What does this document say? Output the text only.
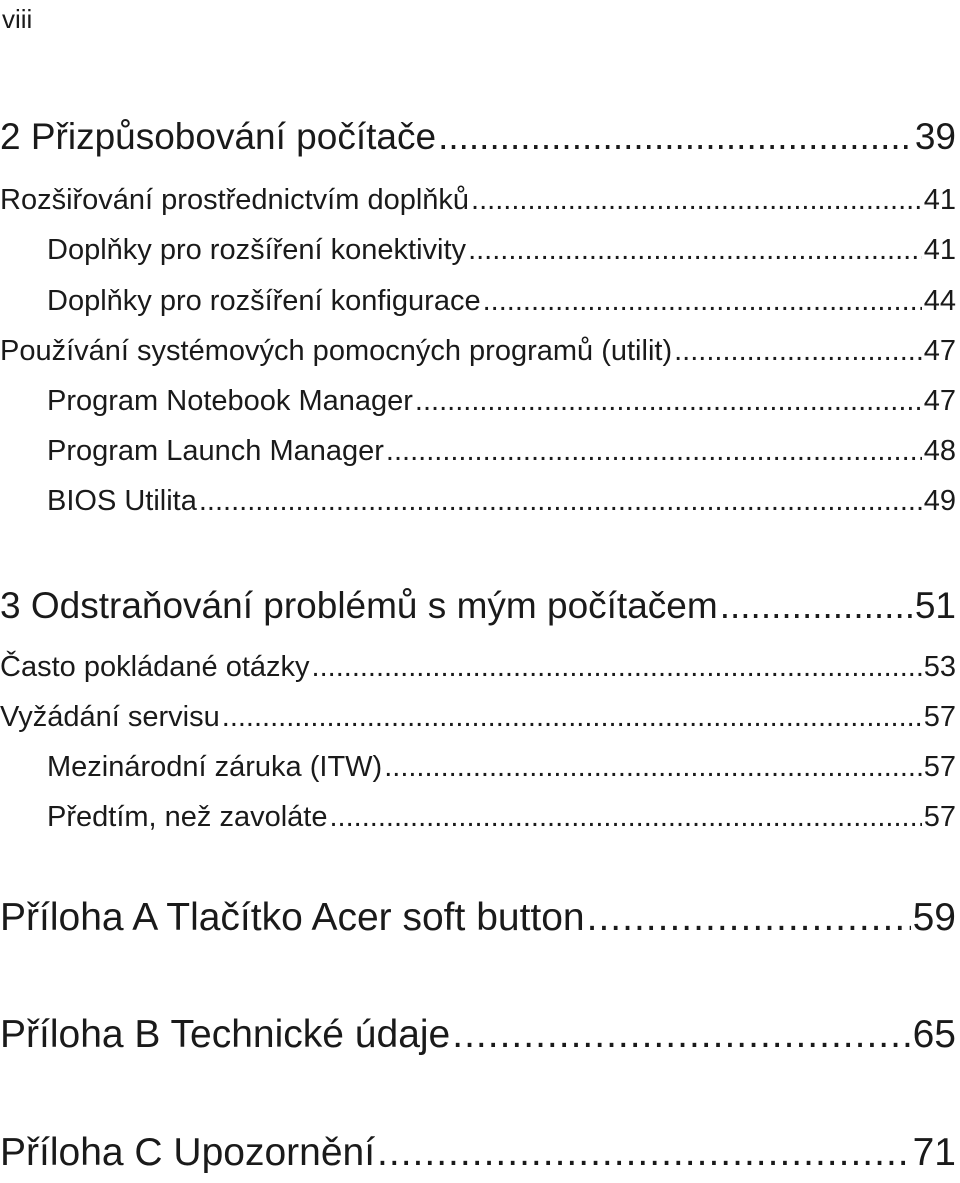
viii
2 Přizpůsobování počítače .....	39
Rozšiřování prostřednictvím doplňků .....	41
Doplňky pro rozšíření konektivity .....	41
Doplňky pro rozšíření konfigurace .....	44
Používání systémových pomocných programů (utilit) .....	47
Program Notebook Manager .....	47
Program Launch Manager .....	48
BIOS Utilita .....	49
3 Odstraňování problémů s mým počítačem .....	51
Často pokládané otázky .....	53
Vyžádání servisu .....	57
Mezinárodní záruka (ITW) .....	57
Předtím, než zavoláte .....	57
Příloha A Tlačítko Acer soft button .....	59
Příloha B Technické údaje .....	65
Příloha C Upozornění .....	71
